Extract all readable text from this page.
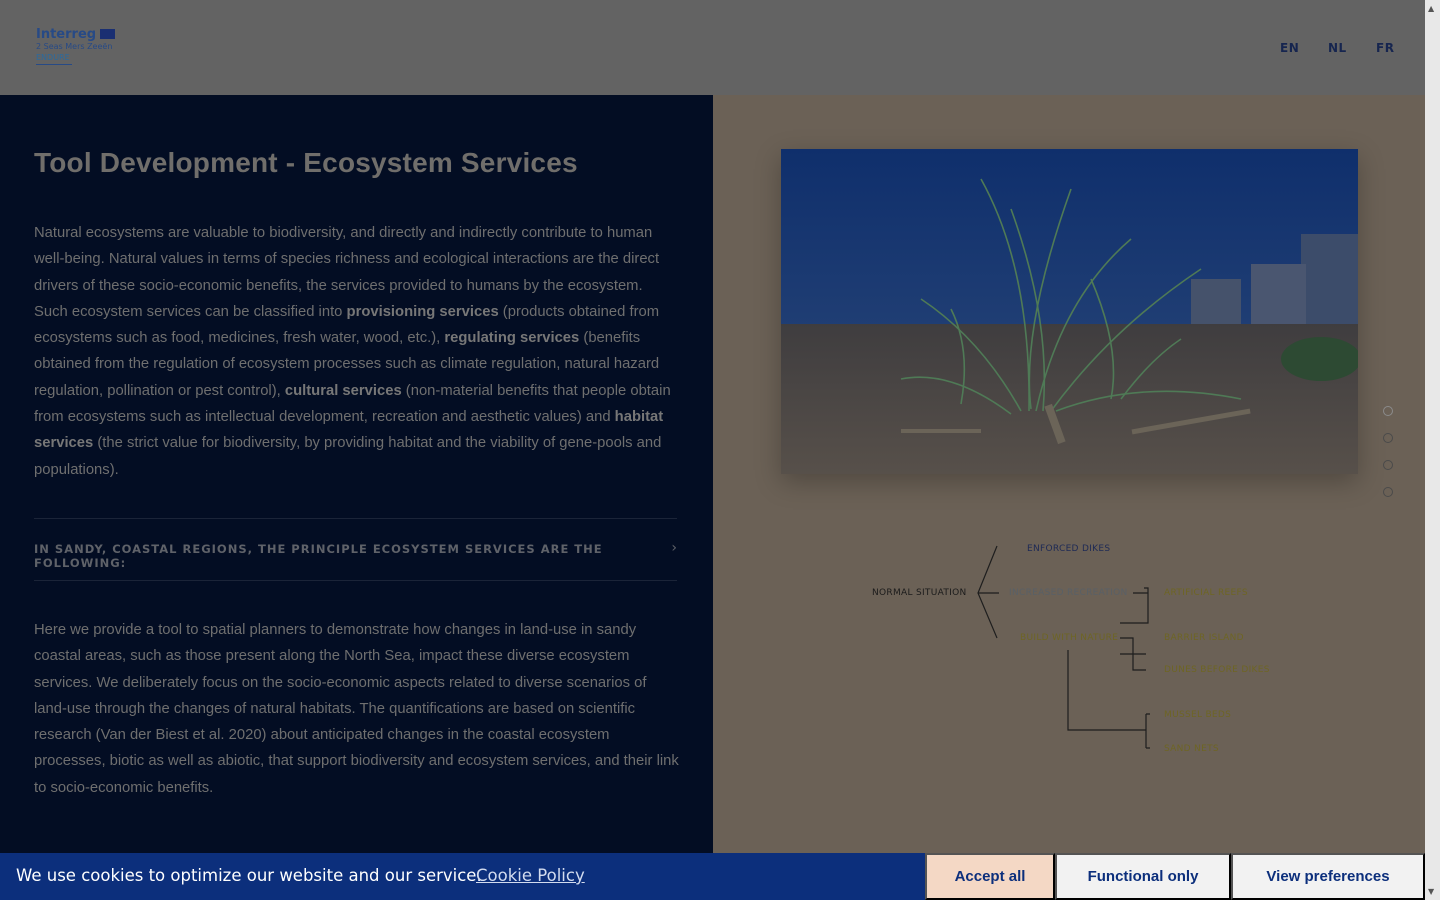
Interreg
2 Seas Mers Zeeën
ENDURE
EN NL FR
Tool Development - Ecosystem Services

Natural ecosystems are valuable to biodiversity, and directly and indirectly contribute to human well-being. Natural values in terms of species richness and ecological interactions are the direct drivers of these socio-economic benefits, the services provided to humans by the ecosystem. Such ecosystem services can be classified into provisioning services (products obtained from ecosystems such as food, medicines, fresh water, wood, etc.), regulating services (benefits obtained from the regulation of ecosystem processes such as climate regulation, natural hazard regulation, pollination or pest control), cultural services (non-material benefits that people obtain from ecosystems such as intellectual development, recreation and aesthetic values) and habitat services (the strict value for biodiversity, by providing habitat and the viability of gene-pools and populations).

IN SANDY, COASTAL REGIONS, THE PRINCIPLE ECOSYSTEM SERVICES ARE THE FOLLOWING:
›

Here we provide a tool to spatial planners to demonstrate how changes in land-use in sandy coastal areas, such as those present along the North Sea, impact these diverse ecosystem services. We deliberately focus on the socio-economic aspects related to diverse scenarios of land-use through the changes of natural habitats. The quantifications are based on scientific research (Van der Biest et al. 2020) about anticipated changes in the coastal ecosystem processes, biotic as well as abiotic, that support biodiversity and ecosystem services, and their link to socio-economic benefits.

NORMAL SITUATION
ENFORCED DIKES
INCREASED RECREATION
BUILD WITH NATURE
ARTIFICIAL REEFS
BARRIER ISLAND
DUNES BEFORE DIKES
MUSSEL BEDS
SAND NETS
▲
▼
We use cookies to optimize our website and our service.
Cookie Policy	Accept all	Functional only	View preferences
